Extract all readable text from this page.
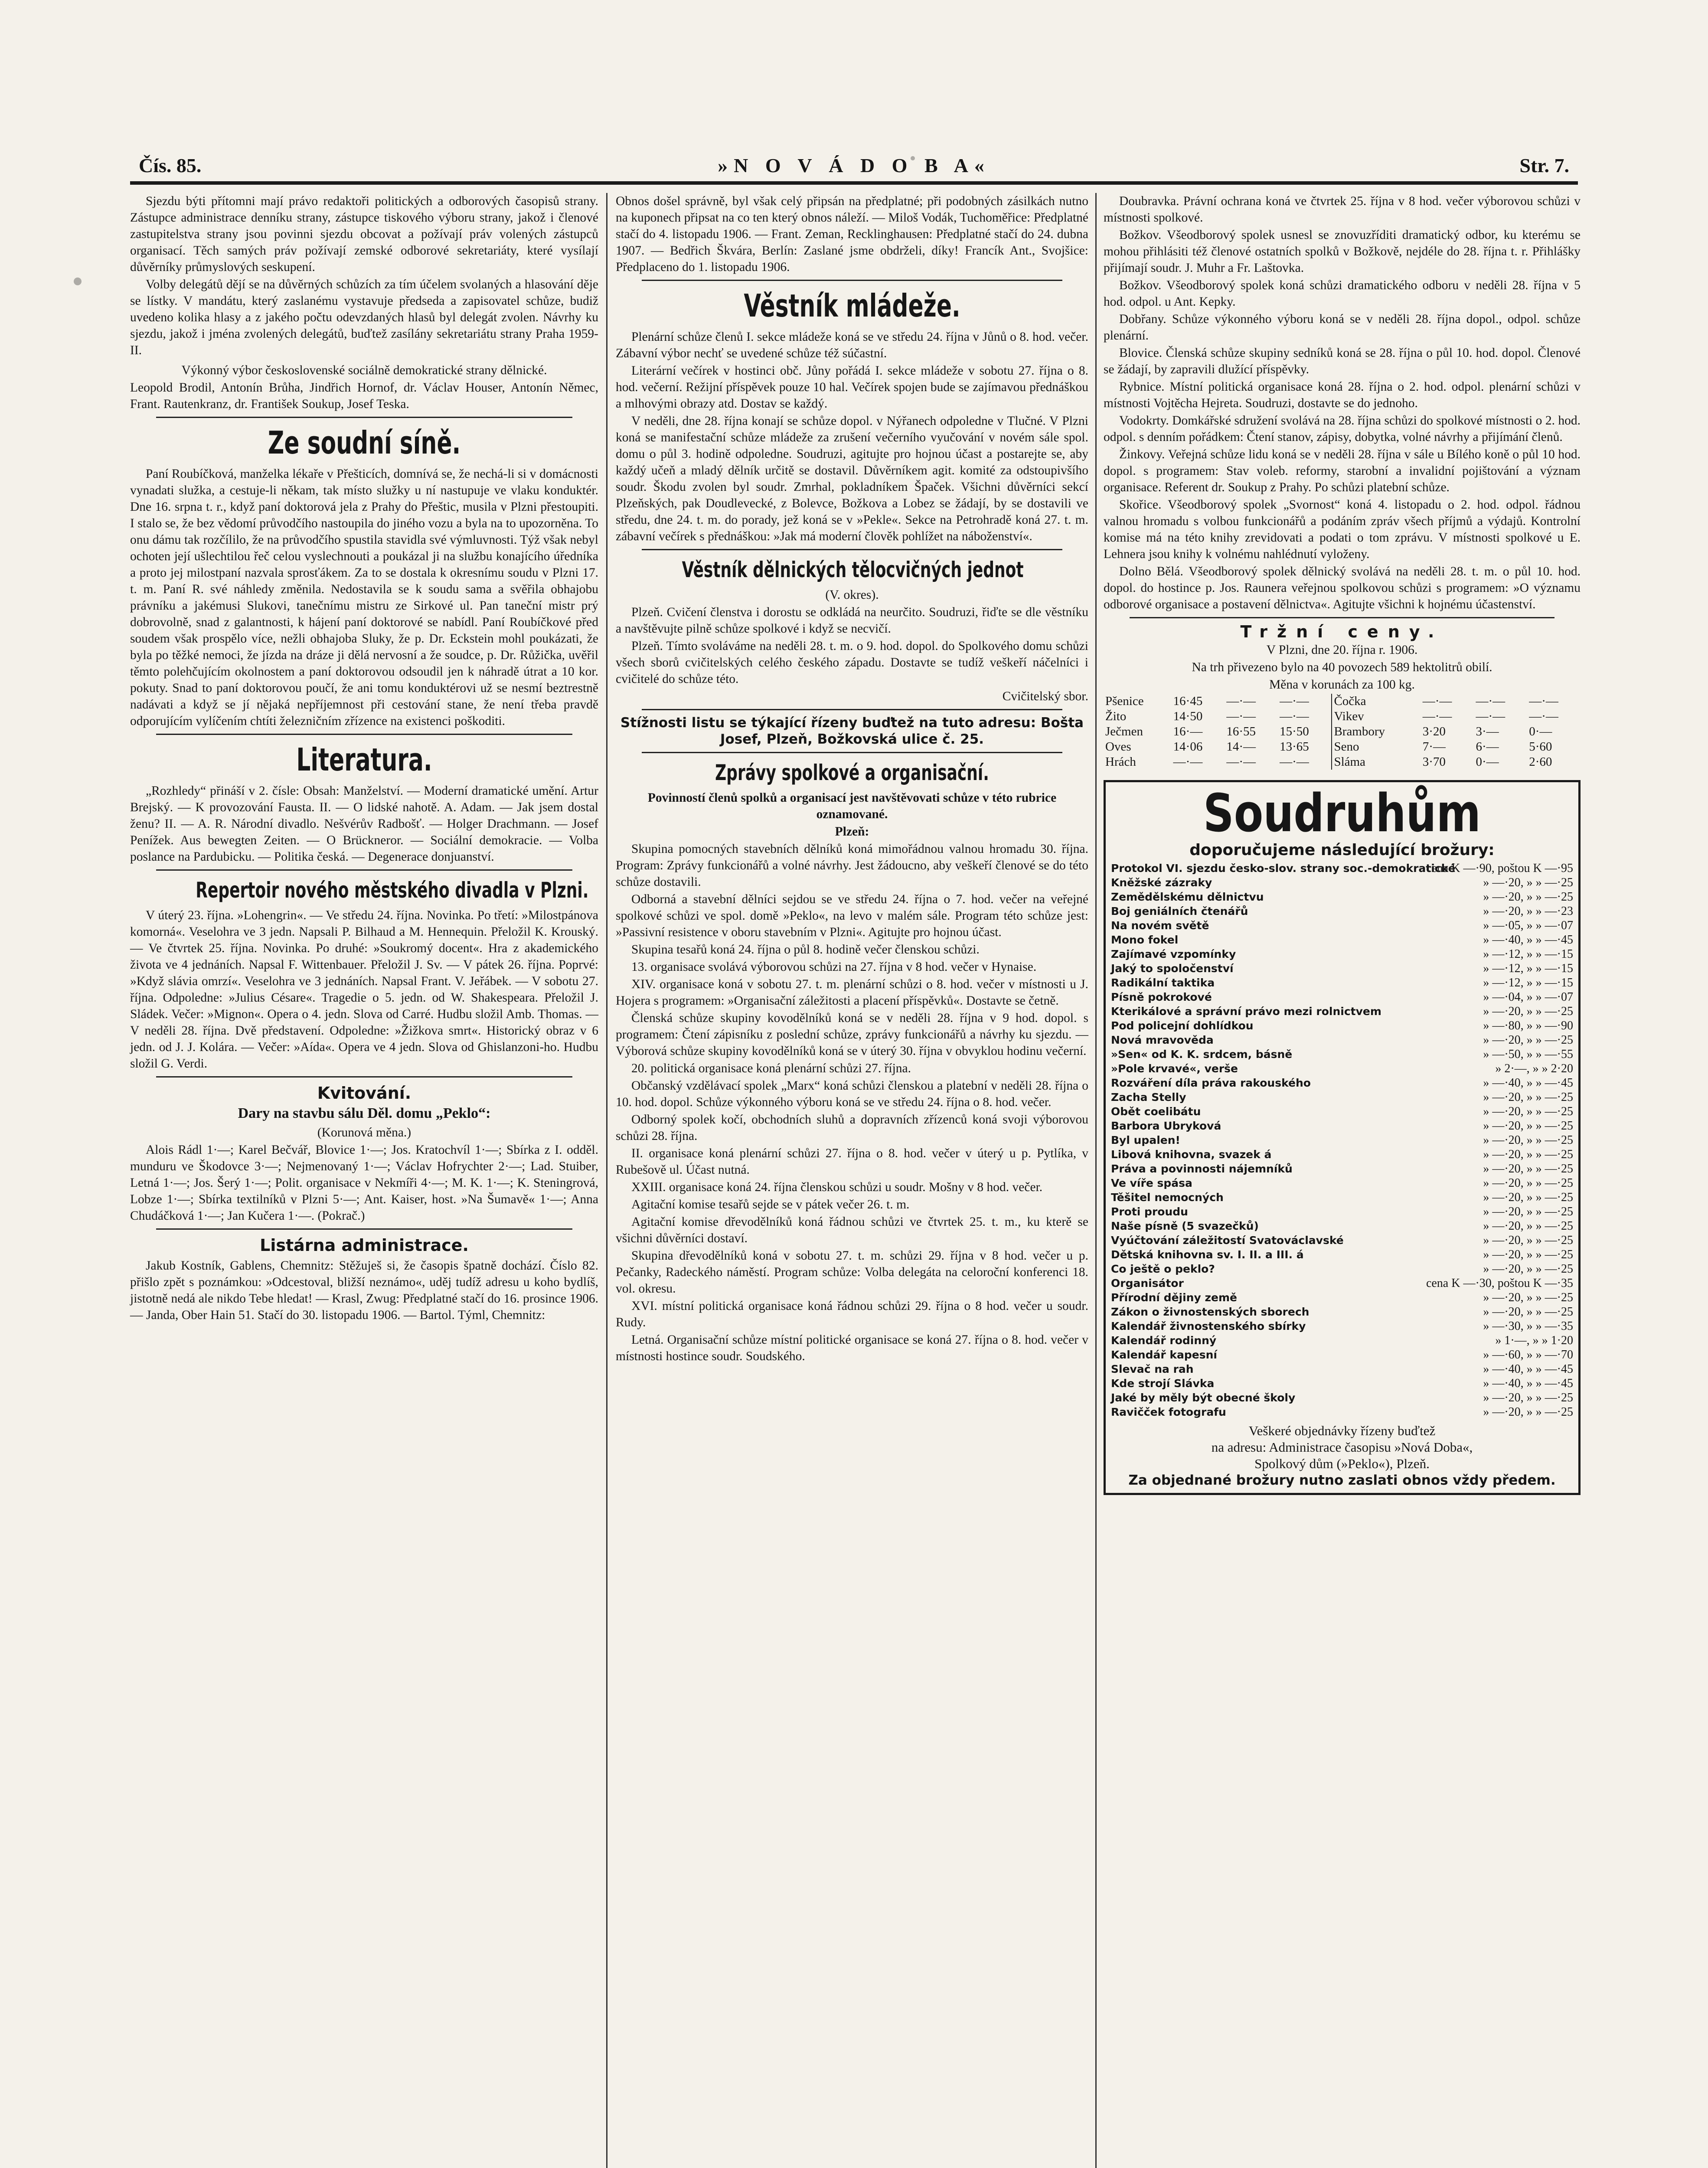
Čís. 85.	»N O V Á D O B A«	Str. 7.

Sjezdu býti přítomni mají právo redaktoři politických a odborových časopisů strany. Zástupce administrace denníku strany, zástupce tiskového výboru strany, jakož i členové zastupitelstva strany jsou povinni sjezdu obcovat a požívají práv volených zástupců organisací. Těch samých práv požívají zemské odborové sekretariáty, které vysílají důvěrníky průmyslových seskupení.

Volby delegátů dějí se na důvěrných schůzích za tím účelem svolaných a hlasování děje se lístky. V mandátu, který zaslanému vystavuje předseda a zapisovatel schůze, budiž uvedeno kolika hlasy a z jakého počtu odevzdaných hlasů byl delegát zvolen. Návrhy ku sjezdu, jakož i jména zvolených delegátů, buďtež zasílány sekretariátu strany Praha 1959-II.

Výkonný výbor československé sociálně demokratické strany dělnické.

Leopold Brodil, Antonín Brůha, Jindřich Hornof, dr. Václav Houser, Antonín Němec, Frant. Rautenkranz, dr. František Soukup, Josef Teska.

Ze soudní síně.

Paní Roubíčková, manželka lékaře v Přešticích, domnívá se, že nechá-li si v domácnosti vynadati služka, a cestuje-li někam, tak místo služky u ní nastupuje ve vlaku konduktér. Dne 16. srpna t. r., když paní doktorová jela z Prahy do Přeštic, musila v Plzni přestoupiti. I stalo se, že bez vědomí průvodčího nastoupila do jiného vozu a byla na to upozorněna. To onu dámu tak rozčílilo, že na průvodčího spustila stavidla své výmluvnosti. Týž však nebyl ochoten její ušlechtilou řeč celou vyslechnouti a poukázal ji na službu konajícího úředníka a proto jej milostpaní nazvala sprosťákem. Za to se dostala k okresnímu soudu v Plzni 17. t. m. Paní R. své náhledy změnila. Nedostavila se k soudu sama a svěřila obhajobu právníku a jakémusi Slukovi, tanečnímu mistru ze Sirkové ul. Pan taneční mistr prý dobrovolně, snad z galantnosti, k hájení paní doktorové se nabídl. Paní Roubíčkové před soudem však prospělo více, nežli obhajoba Sluky, že p. Dr. Eckstein mohl poukázati, že byla po těžké nemoci, že jízda na dráze ji dělá nervosní a že soudce, p. Dr. Růžička, uvěřil těmto polehčujícím okolnostem a paní doktorovou odsoudil jen k náhradě útrat a 10 kor. pokuty. Snad to paní doktorovou poučí, že ani tomu konduktérovi už se nesmí beztrestně nadávati a když se jí nějaká nepříjemnost při cestování stane, že není třeba pravdě odporujícím vylíčením chtíti železničním zřízence na existenci poškoditi.

Literatura.

„Rozhledy“ přináší v 2. čísle: Obsah: Manželství. — Moderní dramatické umění. Artur Brejský. — K provozování Fausta. II. — O lidské nahotě. A. Adam. — Jak jsem dostal ženu? II. — A. R. Národní divadlo. Nešvérův Radbošť. — Holger Drachmann. — Josef Penížek. Aus bewegten Zeiten. — O Brückneror. — Sociální demokracie. — Volba poslance na Pardubicku. — Politika česká. — Degenerace donjuanství.

Repertoir nového městského divadla v Plzni.

V úterý 23. října. »Lohengrin«. — Ve středu 24. října. Novinka. Po třetí: »Milostpánova komorná«. Veselohra ve 3 jedn. Napsali P. Bilhaud a M. Hennequin. Přeložil K. Krouský. — Ve čtvrtek 25. října. Novinka. Po druhé: »Soukromý docent«. Hra z akademického života ve 4 jednáních. Napsal F. Wittenbauer. Přeložil J. Sv. — V pátek 26. října. Poprvé: »Když slávia omrzí«. Veselohra ve 3 jednáních. Napsal Frant. V. Jeřábek. — V sobotu 27. října. Odpoledne: »Julius Césare«. Tragedie o 5. jedn. od W. Shakespeara. Přeložil J. Sládek. Večer: »Mignon«. Opera o 4. jedn. Slova od Carré. Hudbu složil Amb. Thomas. — V neděli 28. října. Dvě představení. Odpoledne: »Žižkova smrt«. Historický obraz v 6 jedn. od J. J. Kolára. — Večer: »Aída«. Opera ve 4 jedn. Slova od Ghislanzoni-ho. Hudbu složil G. Verdi.

Kvitování.
Dary na stavbu sálu Děl. domu „Peklo“:

(Korunová měna.)

Alois Rádl 1·—; Karel Bečvář, Blovice 1·—; Jos. Kratochvíl 1·—; Sbírka z I. odděl. munduru ve Škodovce 3·—; Nejmenovaný 1·—; Václav Hofrychter 2·—; Lad. Stuiber, Letná 1·—; Jos. Šerý 1·—; Polit. organisace v Nekmíři 4·—; M. K. 1·—; K. Steningrová, Lobze 1·—; Sbírka textilníků v Plzni 5·—; Ant. Kaiser, host. »Na Šumavě« 1·—; Anna Chudáčková 1·—; Jan Kučera 1·—. (Pokrač.)

Listárna administrace.

Jakub Kostník, Gablens, Chemnitz: Stěžuješ si, že časopis špatně dochází. Číslo 82. přišlo zpět s poznámkou: »Odcestoval, bližší neznámo«, uděj tudíž adresu u koho bydlíš, jistotně nedá ale nikdo Tebe hledat! — Krasl, Zwug: Předplatné stačí do 16. prosince 1906. — Janda, Ober Hain 51. Stačí do 30. listopadu 1906. — Bartol. Týml, Chemnitz:

Obnos došel správně, byl však celý připsán na předplatné; při podobných zásilkách nutno na kuponech připsat na co ten který obnos náleží. — Miloš Vodák, Tuchoměřice: Předplatné stačí do 4. listopadu 1906. — Frant. Zeman, Recklinghausen: Předplatné stačí do 24. dubna 1907. — Bedřich Škvára, Berlín: Zaslané jsme obdrželi, díky! Francík Ant., Svojšice: Předplaceno do 1. listopadu 1906.

Věstník mládeže.

Plenární schůze členů I. sekce mládeže koná se ve středu 24. října v Jůnů o 8. hod. večer. Zábavní výbor nechť se uvedené schůze též súčastní.

Literární večírek v hostinci obč. Jůny pořádá I. sekce mládeže v sobotu 27. října o 8. hod. večerní. Režijní příspěvek pouze 10 hal. Večírek spojen bude se zajímavou přednáškou a mlhovými obrazy atd. Dostav se každý.

V neděli, dne 28. října konají se schůze dopol. v Nýřanech odpoledne v Tlučné. V Plzni koná se manifestační schůze mládeže za zrušení večerního vyučování v novém sále spol. domu o půl 3. hodině odpoledne. Soudruzi, agitujte pro hojnou účast a postarejte se, aby každý učeň a mladý dělník určitě se dostavil. Důvěrníkem agit. komité za odstoupivšího soudr. Škodu zvolen byl soudr. Zmrhal, pokladníkem Špaček. Všichni důvěrníci sekcí Plzeňských, pak Doudlevecké, z Bolevce, Božkova a Lobez se žádají, by se dostavili ve středu, dne 24. t. m. do porady, jež koná se v »Pekle«. Sekce na Petrohradě koná 27. t. m. zábavní večírek s přednáškou: »Jak má moderní člověk pohlížet na náboženství«.

Věstník dělnických tělocvičných jednot

(V. okres).

Plzeň. Cvičení členstva i dorostu se odkládá na neurčito. Soudruzi, řiďte se dle věstníku a navštěvujte pilně schůze spolkové i když se necvičí.

Plzeň. Tímto svoláváme na neděli 28. t. m. o 9. hod. dopol. do Spolkového domu schůzi všech sborů cvičitelských celého českého západu. Dostavte se tudíž veškeří náčelníci i cvičitelé do schůze této.

Cvičitelský sbor.

Stížnosti listu se týkající řízeny buďtež na tuto adresu: Bošta Josef, Plzeň, Božkovská ulice č. 25.
Zprávy spolkové a organisační.

Povinností členů spolků a organisací jest navštěvovati schůze v této rubrice oznamované.

Plzeň:

Skupina pomocných stavebních dělníků koná mimořádnou valnou hromadu 30. října. Program: Zprávy funkcionářů a volné návrhy. Jest žádoucno, aby veškeří členové se do této schůze dostavili.

Odborná a stavební dělníci sejdou se ve středu 24. října o 7. hod. večer na veřejné spolkové schůzi ve spol. domě »Peklo«, na levo v malém sále. Program této schůze jest: »Passivní resistence v oboru stavebním v Plzni«. Agitujte pro hojnou účast.

Skupina tesařů koná 24. října o půl 8. hodině večer členskou schůzi.

13. organisace svolává výborovou schůzi na 27. října v 8 hod. večer v Hynaise.

XIV. organisace koná v sobotu 27. t. m. plenární schůzi o 8. hod. večer v místnosti u J. Hojera s programem: »Organisační záležitosti a placení příspěvků«. Dostavte se četně.

Členská schůze skupiny kovodělníků koná se v neděli 28. října v 9 hod. dopol. s programem: Čtení zápisníku z poslední schůze, zprávy funkcionářů a návrhy ku sjezdu. — Výborová schůze skupiny kovodělníků koná se v úterý 30. října v obvyklou hodinu večerní.

20. politická organisace koná plenární schůzi 27. října.

Občanský vzdělávací spolek „Marx“ koná schůzi členskou a platební v neděli 28. října o 10. hod. dopol. Schůze výkonného výboru koná se ve středu 24. října o 8. hod. večer.

Odborný spolek kočí, obchodních sluhů a dopravních zřízenců koná svoji výborovou schůzi 28. října.

II. organisace koná plenární schůzi 27. října o 8. hod. večer v úterý u p. Pytlíka, v Rubešově ul. Účast nutná.

XXIII. organisace koná 24. října členskou schůzi u soudr. Mošny v 8 hod. večer.

Agitační komise tesařů sejde se v pátek večer 26. t. m.

Agitační komise dřevodělníků koná řádnou schůzi ve čtvrtek 25. t. m., ku kterě se všichni důvěrníci dostaví.

Skupina dřevodělníků koná v sobotu 27. t. m. schůzi 29. října v 8 hod. večer u p. Pečanky, Radeckého náměstí. Program schůze: Volba delegáta na celoroční konferenci 18. vol. okresu.

XVI. místní politická organisace koná řádnou schůzi 29. října o 8 hod. večer u soudr. Rudy.

Letná. Organisační schůze místní politické organisace se koná 27. října o 8. hod. večer v místnosti hostince soudr. Soudského.

Doubravka. Právní ochrana koná ve čtvrtek 25. října v 8 hod. večer výborovou schůzi v místnosti spolkové.

Božkov. Všeodborový spolek usnesl se znovuzříditi dramatický odbor, ku kterému se mohou přihlásiti též členové ostatních spolků v Božkově, nejdéle do 28. října t. r. Přihlášky přijímají soudr. J. Muhr a Fr. Laštovka.

Božkov. Všeodborový spolek koná schůzi dramatického odboru v neděli 28. října v 5 hod. odpol. u Ant. Kepky.

Dobřany. Schůze výkonného výboru koná se v neděli 28. října dopol., odpol. schůze plenární.

Blovice. Členská schůze skupiny sedníků koná se 28. října o půl 10. hod. dopol. Členové se žádají, by zapravili dlužící příspěvky.

Rybnice. Místní politická organisace koná 28. října o 2. hod. odpol. plenární schůzi v místnosti Vojtěcha Hejreta. Soudruzi, dostavte se do jednoho.

Vodokrty. Domkářské sdružení svolává na 28. října schůzi do spolkové místnosti o 2. hod. odpol. s denním pořádkem: Čtení stanov, zápisy, dobytka, volné návrhy a přijímání členů.

Žinkovy. Veřejná schůze lidu koná se v neděli 28. října v sále u Bílého koně o půl 10 hod. dopol. s programem: Stav voleb. reformy, starobní a invalidní pojištování a význam organisace. Referent dr. Soukup z Prahy. Po schůzi platební schůze.

Skořice. Všeodborový spolek „Svornost“ koná 4. listopadu o 2. hod. odpol. řádnou valnou hromadu s volbou funkcionářů a podáním zpráv všech příjmů a výdajů. Kontrolní komise má na této knihy zrevidovati a podati o tom zprávu. V místnosti spolkové u E. Lehnera jsou knihy k volnému nahlédnutí vyloženy.

Dolno Bělá. Všeodborový spolek dělnický svolává na neděli 28. t. m. o půl 10. hod. dopol. do hostince p. Jos. Raunera veřejnou spolkovou schůzi s programem: »O významu odborové organisace a postavení dělnictva«. Agitujte všichni k hojnému účastenství.

Tržní ceny.

V Plzni, dne 20. října r. 1906.

Na trh přivezeno bylo na 40 povozech 589 hektolitrů obilí.

Měna v korunách za 100 kg.

Pšenice	16·45	—·—	—·—	Čočka	—·—	—·—	—·—
Žito	14·50	—·—	—·—	Vikev	—·—	—·—	—·—
Ječmen	16·—	16·55	15·50	Brambory	3·20	3·—	0·—
Oves	14·06	14·—	13·65	Seno	7·—	6·—	5·60
Hrách	—·—	—·—	—·—	Sláma	3·70	0·—	2·60
Soudruhům
doporučujeme následující brožury:
Protokol VI. sjezdu česko-slov. strany soc.-demokratické	cena K —·90, poštou K —·95
Kněžské zázraky	» —·20, » » —·25
Zemědělskému dělnictvu	» —·20, » » —·25
Boj geniálních čtenářů	» —·20, » » —·23
Na novém světě	» —·05, » » —·07
Mono fokel	» —·40, » » —·45
Zajímavé vzpomínky	» —·12, » » —·15
Jaký to spoločenství	» —·12, » » —·15
Radikální taktika	» —·12, » » —·15
Písně pokrokové	» —·04, » » —·07
Kterikálové a správní právo mezi rolnictvem	» —·20, » » —·25
Pod policejní dohlídkou	» —·80, » » —·90
Nová mravověda	» —·20, » » —·25
»Sen« od K. K. srdcem, básně	» —·50, » » —·55
»Pole krvavé«, verše	» 2·—, » » 2·20
Rozváření díla práva rakouského	» —·40, » » —·45
Zacha Stelly	» —·20, » » —·25
Obět coelibátu	» —·20, » » —·25
Barbora Ubryková	» —·20, » » —·25
Byl upalen!	» —·20, » » —·25
Libová knihovna, svazek á	» —·20, » » —·25
Práva a povinnosti nájemníků	» —·20, » » —·25
Ve víře spása	» —·20, » » —·25
Těšitel nemocných	» —·20, » » —·25
Proti proudu	» —·20, » » —·25
Naše písně (5 svazečků)	» —·20, » » —·25
Vyúčtování záležitostí Svatováclavské	» —·20, » » —·25
Dětská knihovna sv. I. II. a III. á	» —·20, » » —·25
Co ještě o peklo?	» —·20, » » —·25
Organisátor	cena K —·30, poštou K —·35
Přírodní dějiny země	» —·20, » » —·25
Zákon o živnostenských sborech	» —·20, » » —·25
Kalendář živnostenského sbírky	» —·30, » » —·35
Kalendář rodinný	» 1·—, » » 1·20
Kalendář kapesní	» —·60, » » —·70
Slevač na rah	» —·40, » » —·45
Kde strojí Slávka	» —·40, » » —·45
Jaké by měly být obecné školy	» —·20, » » —·25
Ravičček fotografu	» —·20, » » —·25
Veškeré objednávky řízeny buďtež
na adresu: Administrace časopisu »Nová Doba«,
Spolkový dům (»Peklo«), Plzeň.
Za objednané brožury nutno zaslati obnos vždy předem.
